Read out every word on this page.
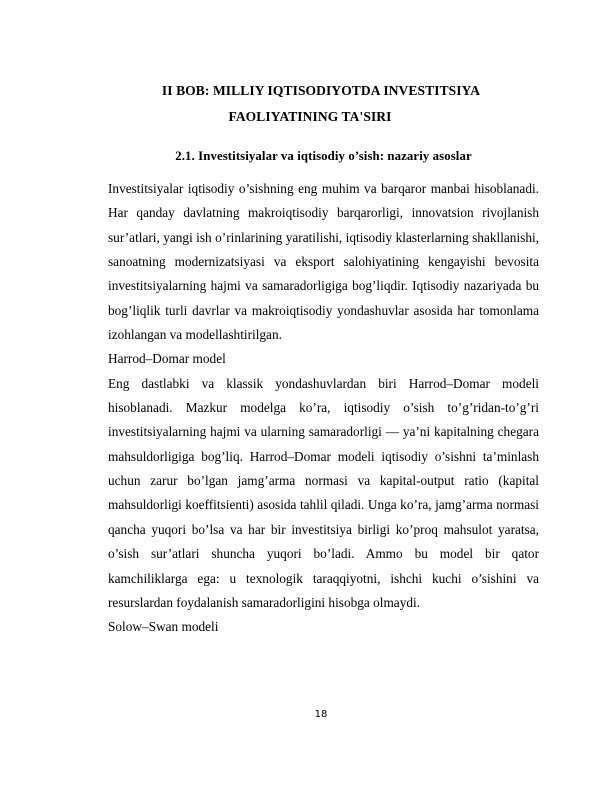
II BOB: MILLIY IQTISODIYOTDA INVESTITSIYA
FAOLIYATINING TA'SIRI
2.1. Investitsiyalar va iqtisodiy o’sish: nazariy asoslar

Investitsiyalar iqtisodiy o’sishning eng muhim va barqaror manbai hisoblanadi. Har qanday davlatning makroiqtisodiy barqarorligi, innovatsion rivojlanish sur’atlari, yangi ish o’rinlarining yaratilishi, iqtisodiy klasterlarning shakllanishi, sanoatning modernizatsiyasi va eksport salohiyatining kengayishi bevosita investitsiyalarning hajmi va samaradorligiga bog’liqdir. Iqtisodiy nazariyada bu bog’liqlik turli davrlar va makroiqtisodiy yondashuvlar asosida har tomonlama izohlangan va modellashtirilgan.

Harrod–Domar model

Eng dastlabki va klassik yondashuvlardan biri Harrod–Domar modeli hisoblanadi. Mazkur modelga ko’ra, iqtisodiy o’sish to’g’ridan-to’g’ri investitsiyalarning hajmi va ularning samaradorligi — ya’ni kapitalning chegara mahsuldorligiga bog’liq. Harrod–Domar modeli iqtisodiy o’sishni ta’minlash uchun zarur bo’lgan jamg’arma normasi va kapital-output ratio (kapital mahsuldorligi koeffitsienti) asosida tahlil qiladi. Unga ko’ra, jamg’arma normasi qancha yuqori bo’lsa va har bir investitsiya birligi ko’proq mahsulot yaratsa, o’sish sur’atlari shuncha yuqori bo’ladi. Ammo bu model bir qator kamchiliklarga ega: u texnologik taraqqiyotni, ishchi kuchi o’sishini va resurslardan foydalanish samaradorligini hisobga olmaydi.

Solow–Swan modeli

18
